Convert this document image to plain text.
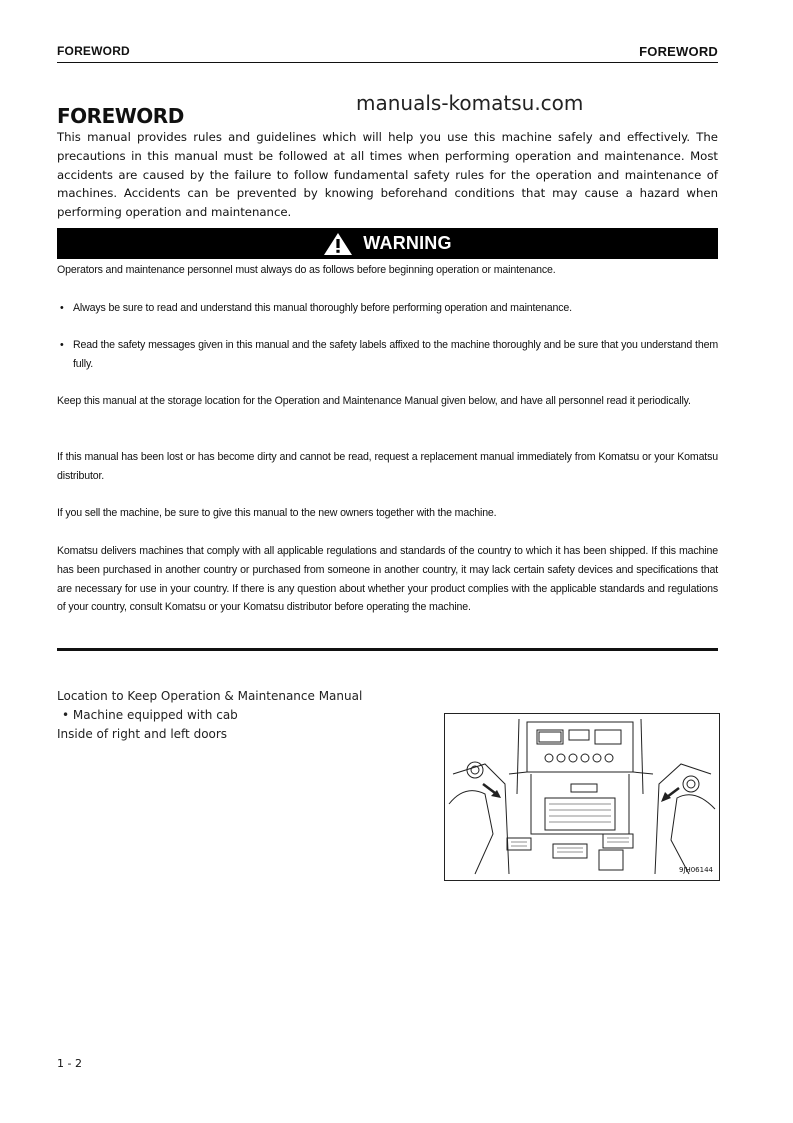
FOREWORD	FOREWORD
manuals-komatsu.com
FOREWORD
This manual provides rules and guidelines which will help you use this machine safely and effectively. The precautions in this manual must be followed at all times when performing operation and maintenance. Most accidents are caused by the failure to follow fundamental safety rules for the operation and maintenance of machines. Accidents can be prevented by knowing beforehand conditions that may cause a hazard when performing operation and maintenance.
WARNING
Operators and maintenance personnel must always do as follows before beginning operation or maintenance.
• Always be sure to read and understand this manual thoroughly before performing operation and maintenance.
• Read the safety messages given in this manual and the safety labels affixed to the machine thoroughly and be sure that you understand them fully.
Keep this manual at the storage location for the Operation and Maintenance Manual given below, and have all personnel read it periodically.
If this manual has been lost or has become dirty and cannot be read, request a replacement manual immediately from Komatsu or your Komatsu distributor.
If you sell the machine, be sure to give this manual to the new owners together with the machine.
Komatsu delivers machines that comply with all applicable regulations and standards of the country to which it has been shipped. If this machine has been purchased in another country or purchased from someone in another country, it may lack certain safety devices and specifications that are necessary for use in your country. If there is any question about whether your product complies with the applicable standards and regulations of your country, consult Komatsu or your Komatsu distributor before operating the machine.
Location to Keep Operation & Maintenance Manual
• Machine equipped with cab
Inside of right and left doors
9JH06144
1 - 2
